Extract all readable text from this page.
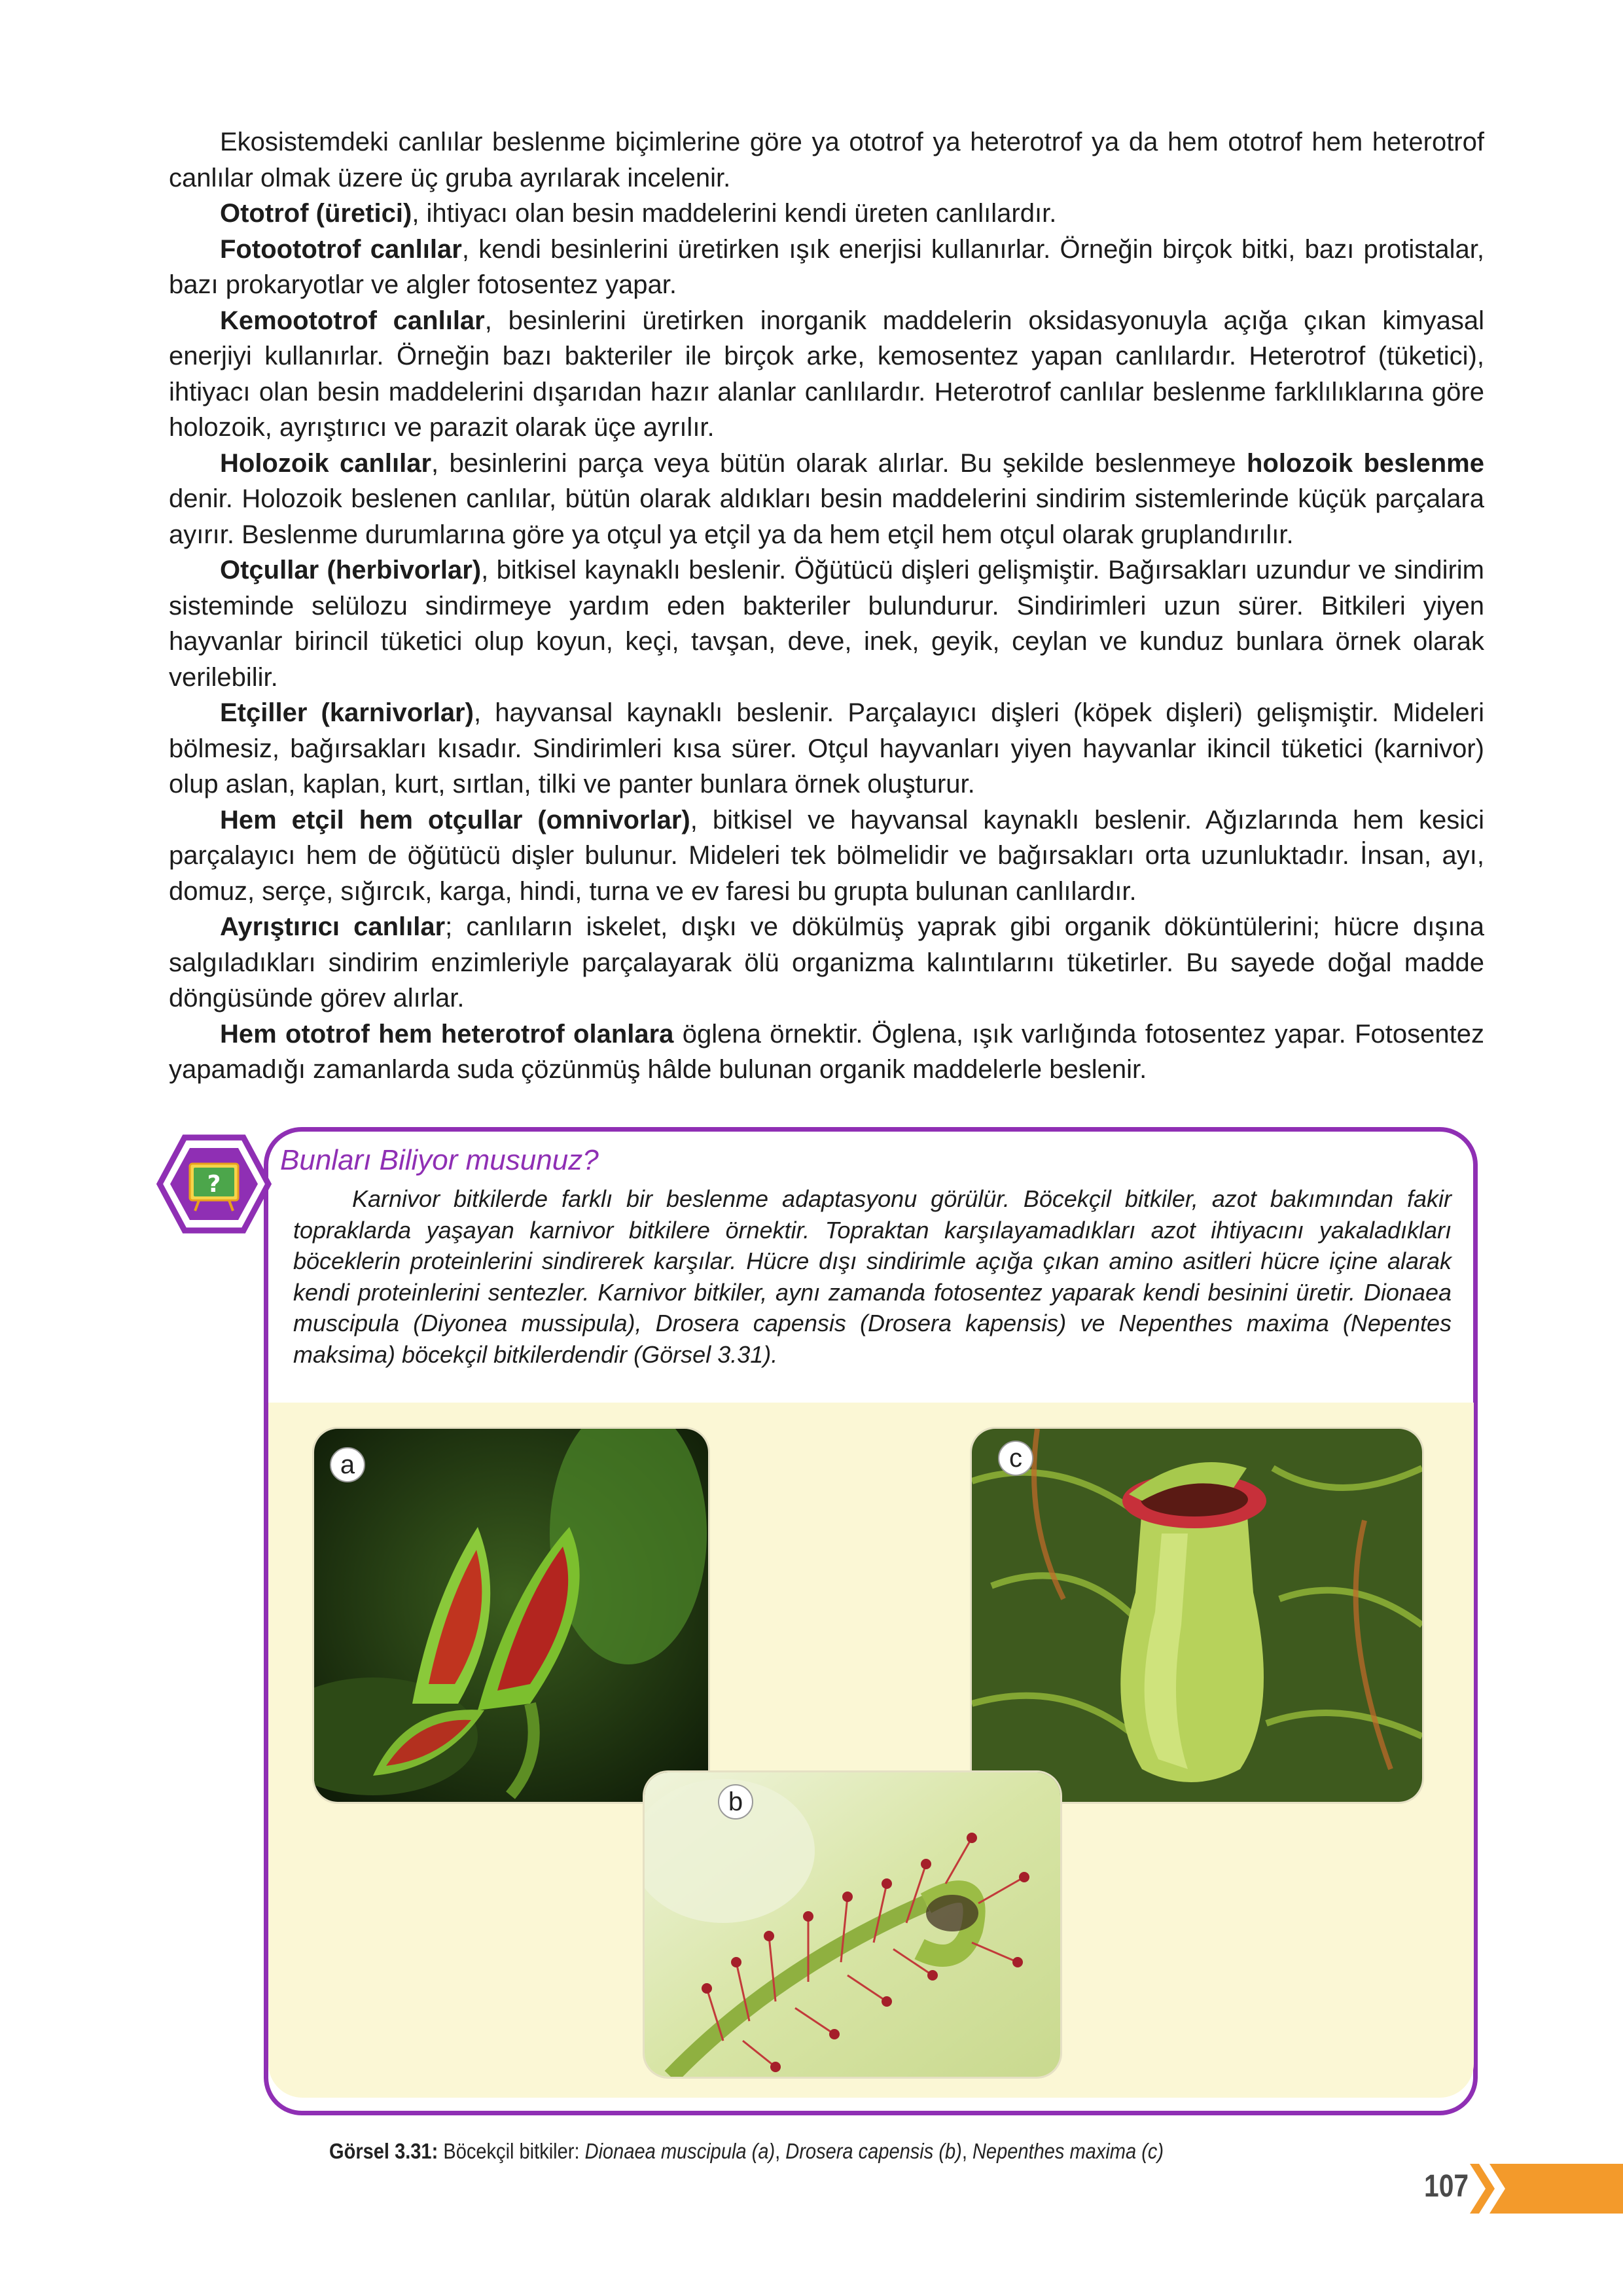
Ekosistemdeki canlılar beslenme biçimlerine göre ya ototrof ya heterotrof ya da hem ototrof hem heterotrof canlılar olmak üzere üç gruba ayrılarak incelenir.

Ototrof (üretici), ihtiyacı olan besin maddelerini kendi üreten canlılardır.

Fotoototrof canlılar, kendi besinlerini üretirken ışık enerjisi kullanırlar. Örneğin birçok bitki, bazı protistalar, bazı prokaryotlar ve algler fotosentez yapar.

Kemoototrof canlılar, besinlerini üretirken inorganik maddelerin oksidasyonuyla açığa çıkan kimyasal enerjiyi kullanırlar. Örneğin bazı bakteriler ile birçok arke, kemosentez yapan canlılardır. Heterotrof (tüketici), ihtiyacı olan besin maddelerini dışarıdan hazır alanlar canlılardır. Heterotrof canlılar beslenme farklılıklarına göre holozoik, ayrıştırıcı ve parazit olarak üçe ayrılır.

Holozoik canlılar, besinlerini parça veya bütün olarak alırlar. Bu şekilde beslenmeye holozoik beslenme denir. Holozoik beslenen canlılar, bütün olarak aldıkları besin maddelerini sindirim sistemlerinde küçük parçalara ayırır. Beslenme durumlarına göre ya otçul ya etçil ya da hem etçil hem otçul olarak gruplandırılır.

Otçullar (herbivorlar), bitkisel kaynaklı beslenir. Öğütücü dişleri gelişmiştir. Bağırsakları uzundur ve sindirim sisteminde selülozu sindirmeye yardım eden bakteriler bulundurur. Sindirimleri uzun sürer. Bitkileri yiyen hayvanlar birincil tüketici olup koyun, keçi, tavşan, deve, inek, geyik, ceylan ve kunduz bunlara örnek olarak verilebilir.

Etçiller (karnivorlar), hayvansal kaynaklı beslenir. Parçalayıcı dişleri (köpek dişleri) gelişmiştir. Mideleri bölmesiz, bağırsakları kısadır. Sindirimleri kısa sürer. Otçul hayvanları yiyen hayvanlar ikincil tüketici (karnivor) olup aslan, kaplan, kurt, sırtlan, tilki ve panter bunlara örnek oluşturur.

Hem etçil hem otçullar (omnivorlar), bitkisel ve hayvansal kaynaklı beslenir. Ağızlarında hem kesici parçalayıcı hem de öğütücü dişler bulunur. Mideleri tek bölmelidir ve bağırsakları orta uzunluktadır. İnsan, ayı, domuz, serçe, sığırcık, karga, hindi, turna ve ev faresi bu grupta bulunan canlılardır.

Ayrıştırıcı canlılar; canlıların iskelet, dışkı ve dökülmüş yaprak gibi organik döküntülerini; hücre dışına salgıladıkları sindirim enzimleriyle parçalayarak ölü organizma kalıntılarını tüketirler. Bu sayede doğal madde döngüsünde görev alırlar.

Hem ototrof hem heterotrof olanlara öglena örnektir. Öglena, ışık varlığında fotosentez yapar. Fotosentez yapamadığı zamanlarda suda çözünmüş hâlde bulunan organik maddelerle beslenir.

?
Bunları Biliyor musunuz?

Karnivor bitkilerde farklı bir beslenme adaptasyonu görülür. Böcekçil bitkiler, azot bakımından fakir topraklarda yaşayan karnivor bitkilere örnektir. Topraktan karşılayamadıkları azot ihtiyacını yakaladıkları böceklerin proteinlerini sindirerek karşılar. Hücre dışı sindirimle açığa çıkan amino asitleri hücre içine alarak kendi proteinlerini sentezler. Karnivor bitkiler, aynı zamanda fotosentez yaparak kendi besinini üretir. Dionaea muscipula (Diyonea mussipula), Drosera capensis (Drosera kapensis) ve Nepenthes maxima (Nepentes maksima) böcekçil bitkilerdendir (Görsel 3.31).

a	c
b
Görsel 3.31: Böcekçil bitkiler: Dionaea muscipula (a), Drosera capensis (b), Nepenthes maxima (c)
107
